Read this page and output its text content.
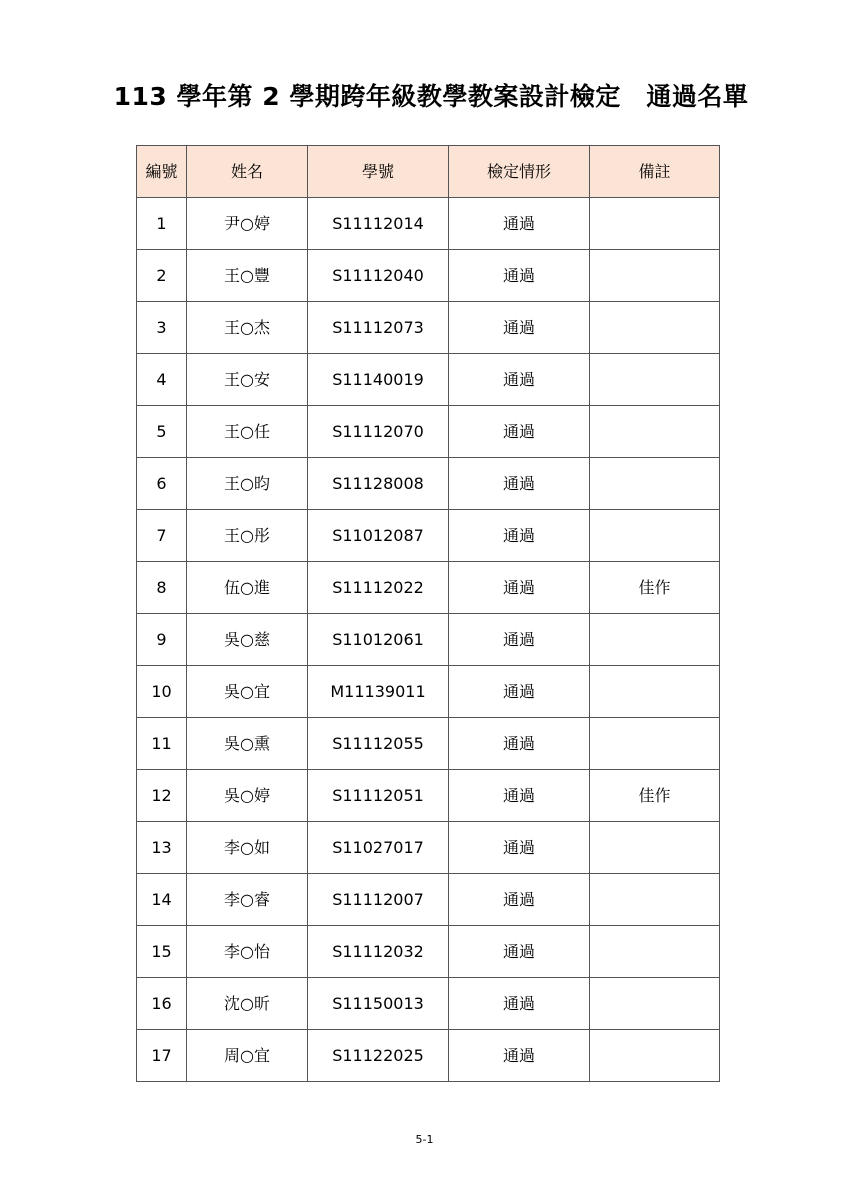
113 學年第 2 學期跨年級教學教案設計檢定　通過名單
編號	姓名	學號	檢定情形	備註
1	尹○婷	S11112014	通過	
2	王○豐	S11112040	通過	
3	王○杰	S11112073	通過	
4	王○安	S11140019	通過	
5	王○任	S11112070	通過	
6	王○昀	S11128008	通過	
7	王○彤	S11012087	通過	
8	伍○進	S11112022	通過	佳作
9	吳○慈	S11012061	通過	
10	吳○宜	M11139011	通過	
11	吳○熏	S11112055	通過	
12	吳○婷	S11112051	通過	佳作
13	李○如	S11027017	通過	
14	李○睿	S11112007	通過	
15	李○怡	S11112032	通過	
16	沈○昕	S11150013	通過	
17	周○宜	S11122025	通過	
5-1
